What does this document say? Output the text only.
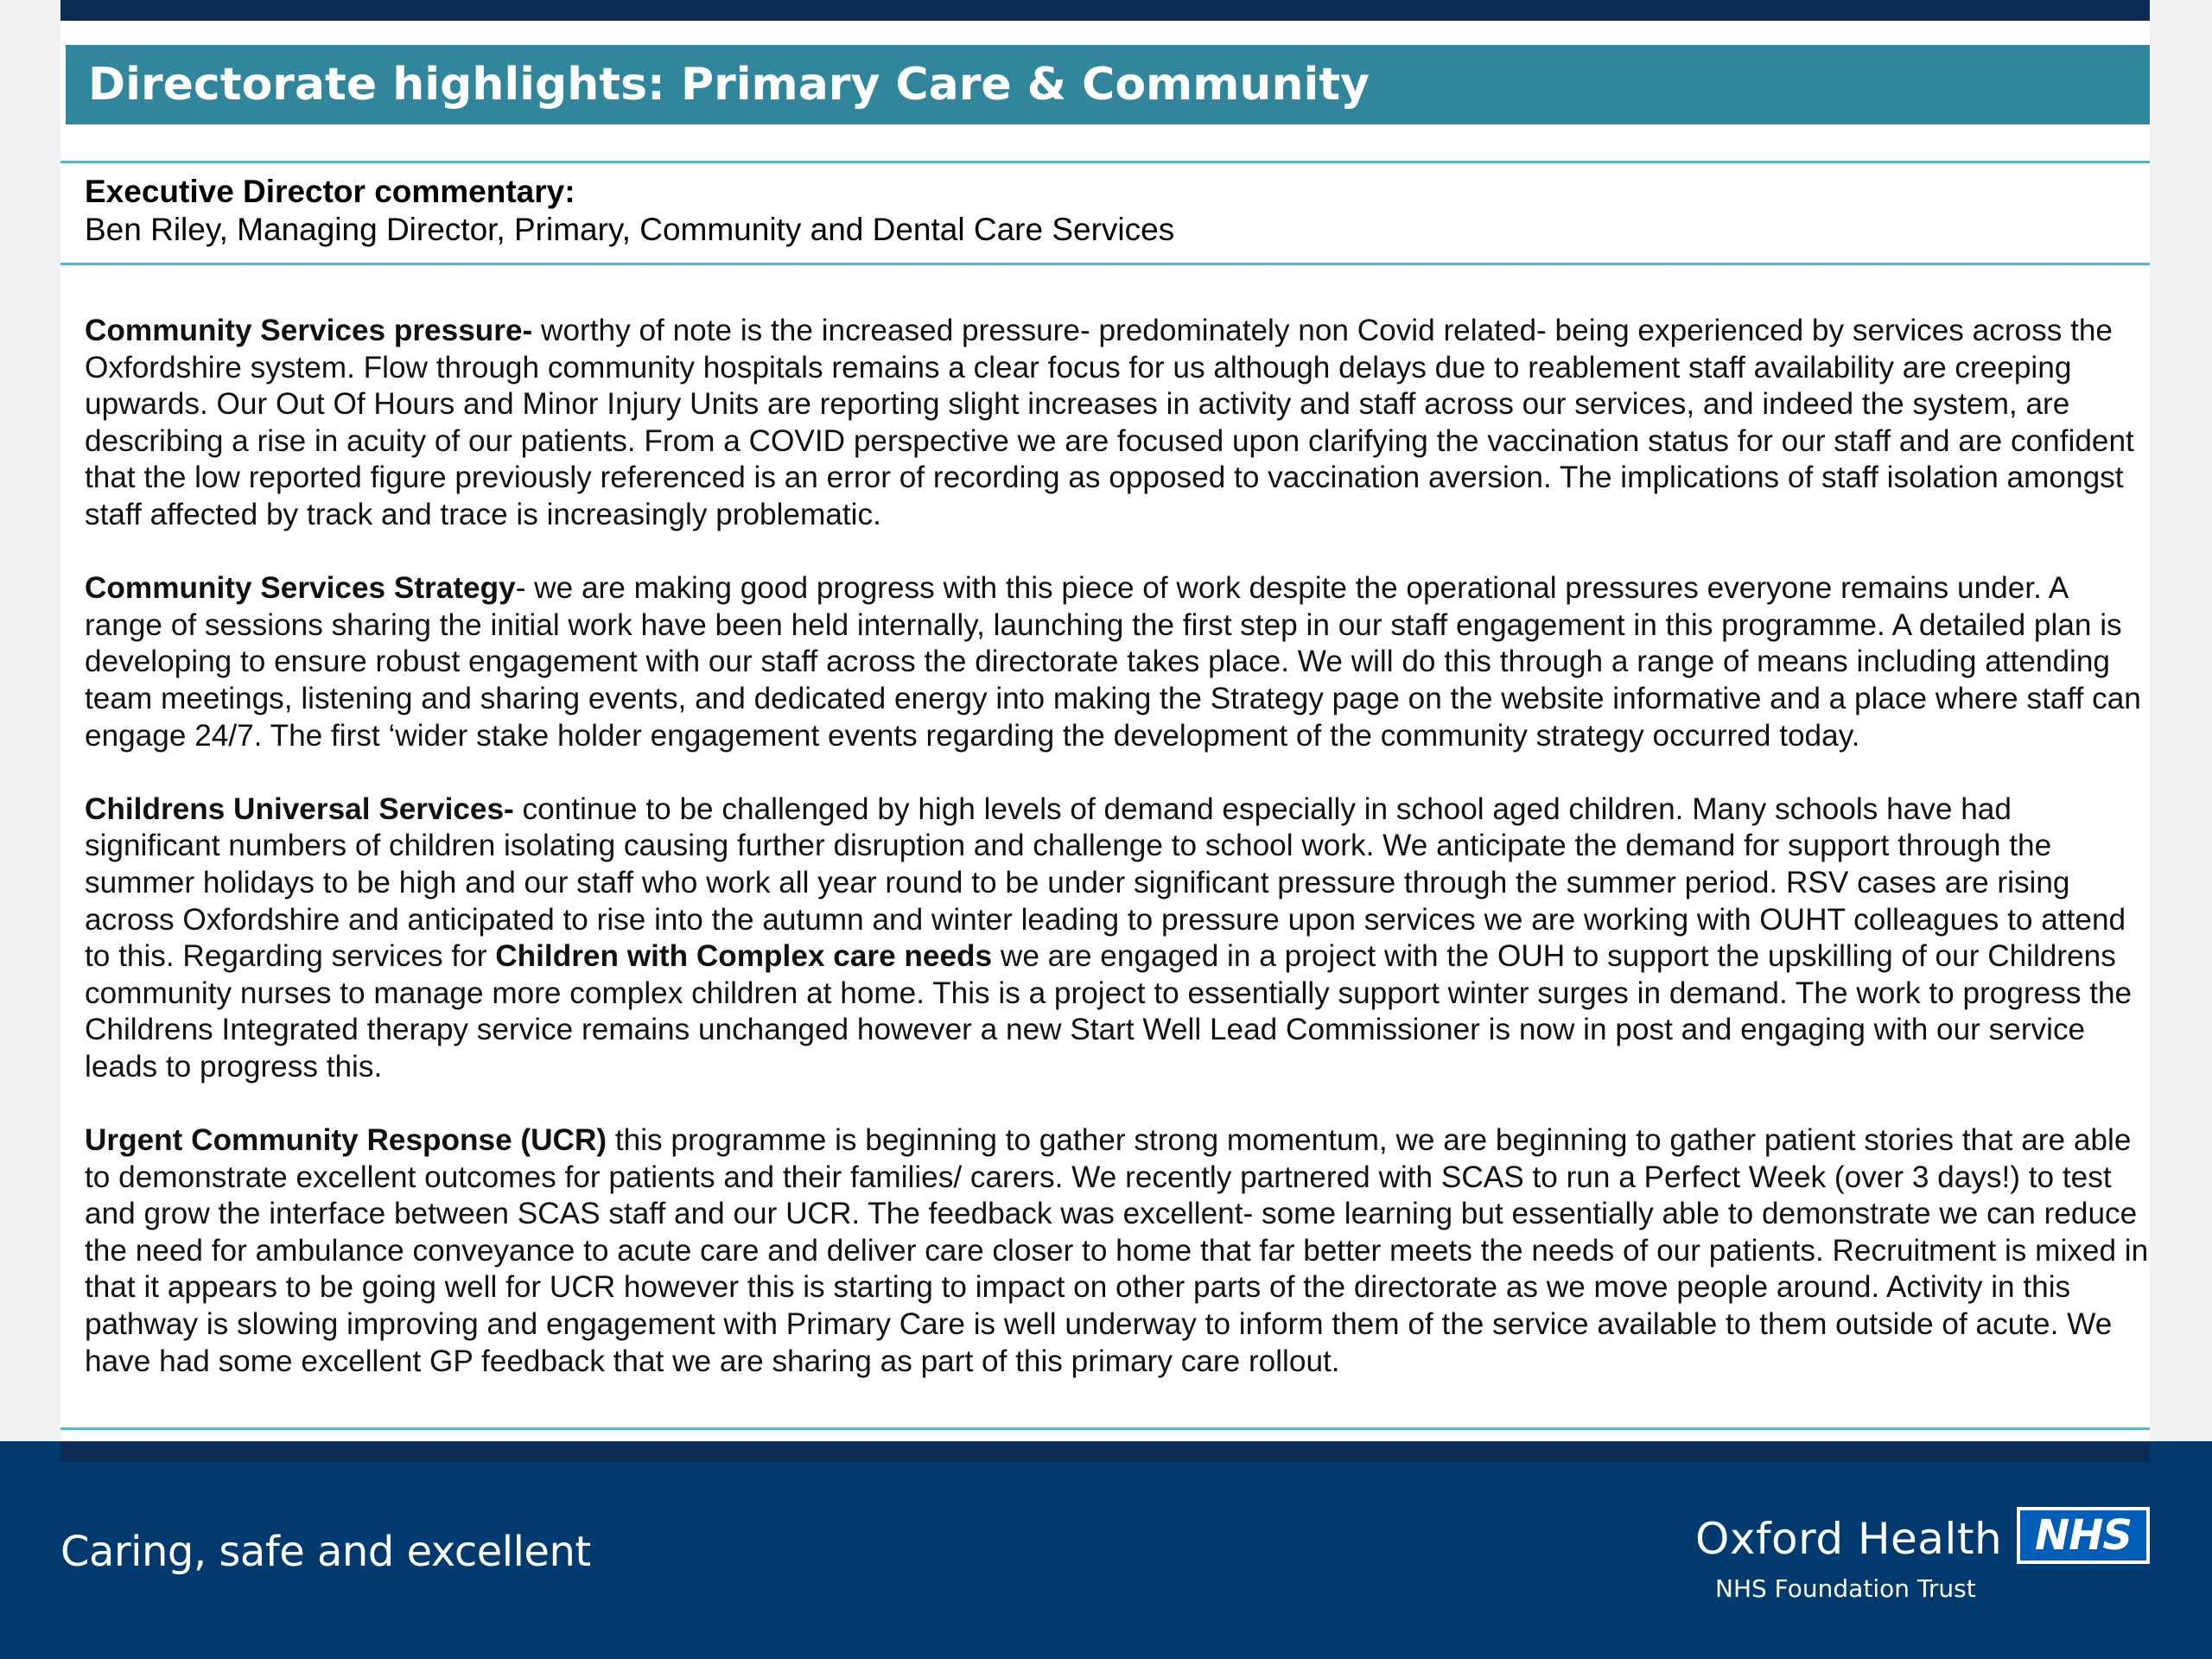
Directorate highlights: Primary Care & Community
Executive Director commentary:
Ben Riley, Managing Director, Primary, Community and Dental Care Services

Community Services pressure- worthy of note is the increased pressure- predominately non Covid related- being experienced by services across the Oxfordshire system. Flow through community hospitals remains a clear focus for us although delays due to reablement staff availability are creeping upwards. Our Out Of Hours and Minor Injury Units are reporting slight increases in activity and staff across our services, and indeed the system, are describing a rise in acuity of our patients. From a COVID perspective we are focused upon clarifying the vaccination status for our staff and are confident that the low reported figure previously referenced is an error of recording as opposed to vaccination aversion. The implications of staff isolation amongst staff affected by track and trace is increasingly problematic.

Community Services Strategy- we are making good progress with this piece of work despite the operational pressures everyone remains under. A range of sessions sharing the initial work have been held internally, launching the first step in our staff engagement in this programme. A detailed plan is developing to ensure robust engagement with our staff across the directorate takes place. We will do this through a range of means including attending team meetings, listening and sharing events, and dedicated energy into making the Strategy page on the website informative and a place where staff can engage 24/7. The first ‘wider stake holder engagement events regarding the development of the community strategy occurred today.

Childrens Universal Services- continue to be challenged by high levels of demand especially in school aged children. Many schools have had significant numbers of children isolating causing further disruption and challenge to school work. We anticipate the demand for support through the summer holidays to be high and our staff who work all year round to be under significant pressure through the summer period. RSV cases are rising across Oxfordshire and anticipated to rise into the autumn and winter leading to pressure upon services we are working with OUHT colleagues to attend to this. Regarding services for Children with Complex care needs we are engaged in a project with the OUH to support the upskilling of our Childrens community nurses to manage more complex children at home. This is a project to essentially support winter surges in demand. The work to progress the Childrens Integrated therapy service remains unchanged however a new Start Well Lead Commissioner is now in post and engaging with our service leads to progress this.

Urgent Community Response (UCR) this programme is beginning to gather strong momentum, we are beginning to gather patient stories that are able to demonstrate excellent outcomes for patients and their families/ carers. We recently partnered with SCAS to run a Perfect Week (over 3 days!) to test and grow the interface between SCAS staff and our UCR. The feedback was excellent- some learning but essentially able to demonstrate we can reduce the need for ambulance conveyance to acute care and deliver care closer to home that far better meets the needs of our patients. Recruitment is mixed in that it appears to be going well for UCR however this is starting to impact on other parts of the directorate as we move people around. Activity in this pathway is slowing improving and engagement with Primary Care is well underway to inform them of the service available to them outside of acute. We have had some excellent GP feedback that we are sharing as part of this primary care rollout.

Caring, safe and excellent	Oxford Health
NHS Foundation Trust
NHS
